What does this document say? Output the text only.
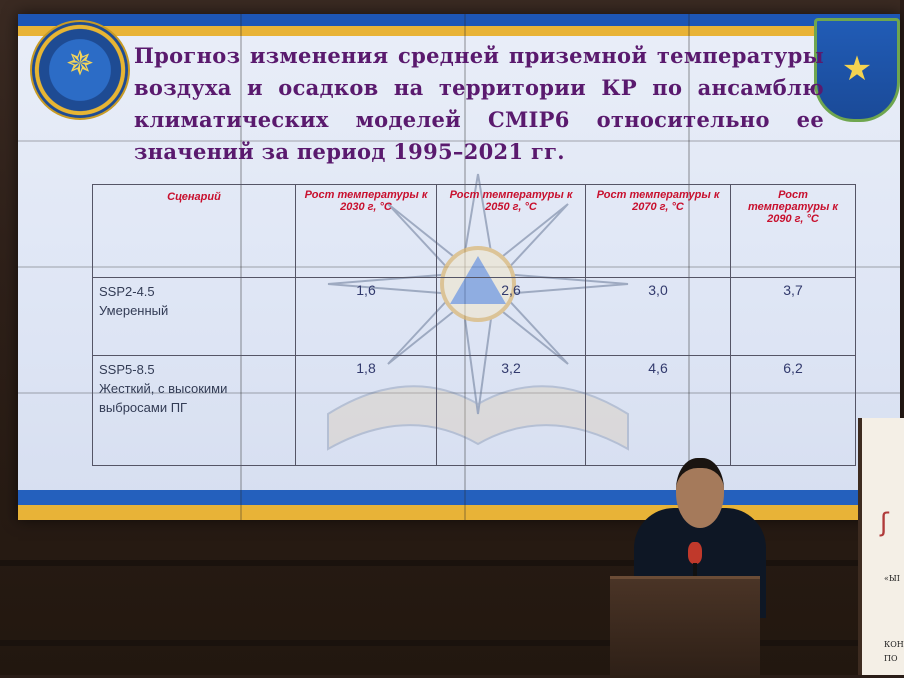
✵	★
Прогноз изменения средней приземной температуры воздуха и осадков на территории КР по ансамблю климатических моделей CMIP6 относительно ее значений за период 1995–2021 гг.
Сценарий	Рост температуры к 2030 г, °С	Рост температуры к 2050 г, °С	Рост температуры к 2070 г, °С	Рост температуры к 2090 г, °С

SSP2-4.5
Умеренный	1,6	2,6	3,0	3,7

SSP5-8.5
Жесткий, с высокими выбросами ПГ	1,8	3,2	4,6	6,2
ʃ
«ЫІ
КОН
ПО
